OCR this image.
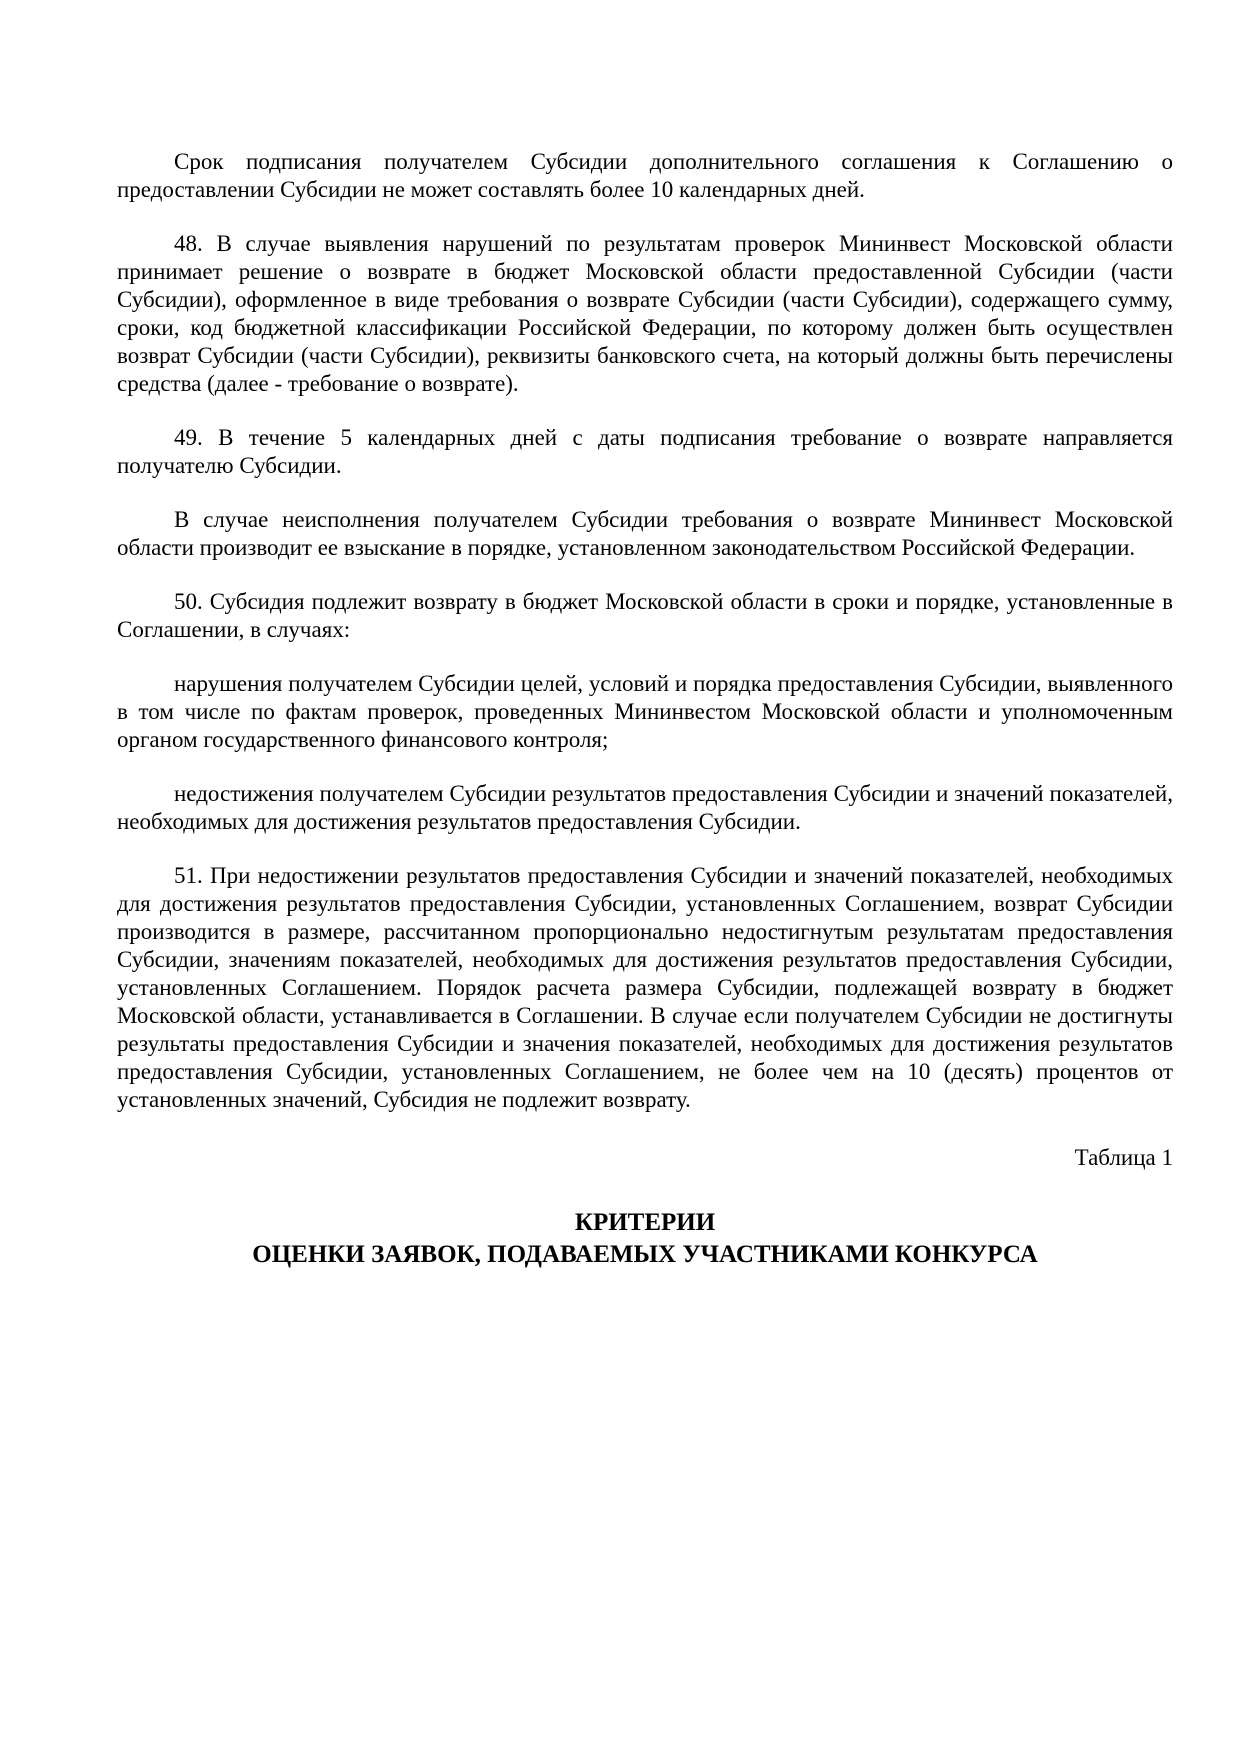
Срок подписания получателем Субсидии дополнительного соглашения к Соглашению о предоставлении Субсидии не может составлять более 10 календарных дней.

48. В случае выявления нарушений по результатам проверок Мининвест Московской области принимает решение о возврате в бюджет Московской области предоставленной Субсидии (части Субсидии), оформленное в виде требования о возврате Субсидии (части Субсидии), содержащего сумму, сроки, код бюджетной классификации Российской Федерации, по которому должен быть осуществлен возврат Субсидии (части Субсидии), реквизиты банковского счета, на который должны быть перечислены средства (далее - требование о возврате).

49. В течение 5 календарных дней с даты подписания требование о возврате направляется получателю Субсидии.

В случае неисполнения получателем Субсидии требования о возврате Мининвест Московской области производит ее взыскание в порядке, установленном законодательством Российской Федерации.

50. Субсидия подлежит возврату в бюджет Московской области в сроки и порядке, установленные в Соглашении, в случаях:

нарушения получателем Субсидии целей, условий и порядка предоставления Субсидии, выявленного в том числе по фактам проверок, проведенных Мининвестом Московской области и уполномоченным органом государственного финансового контроля;

недостижения получателем Субсидии результатов предоставления Субсидии и значений показателей, необходимых для достижения результатов предоставления Субсидии.

51. При недостижении результатов предоставления Субсидии и значений показателей, необходимых для достижения результатов предоставления Субсидии, установленных Соглашением, возврат Субсидии производится в размере, рассчитанном пропорционально недостигнутым результатам предоставления Субсидии, значениям показателей, необходимых для достижения результатов предоставления Субсидии, установленных Соглашением. Порядок расчета размера Субсидии, подлежащей возврату в бюджет Московской области, устанавливается в Соглашении. В случае если получателем Субсидии не достигнуты результаты предоставления Субсидии и значения показателей, необходимых для достижения результатов предоставления Субсидии, установленных Соглашением, не более чем на 10 (десять) процентов от установленных значений, Субсидия не подлежит возврату.

Таблица 1
КРИТЕРИИ
ОЦЕНКИ ЗАЯВОК, ПОДАВАЕМЫХ УЧАСТНИКАМИ КОНКУРСА
